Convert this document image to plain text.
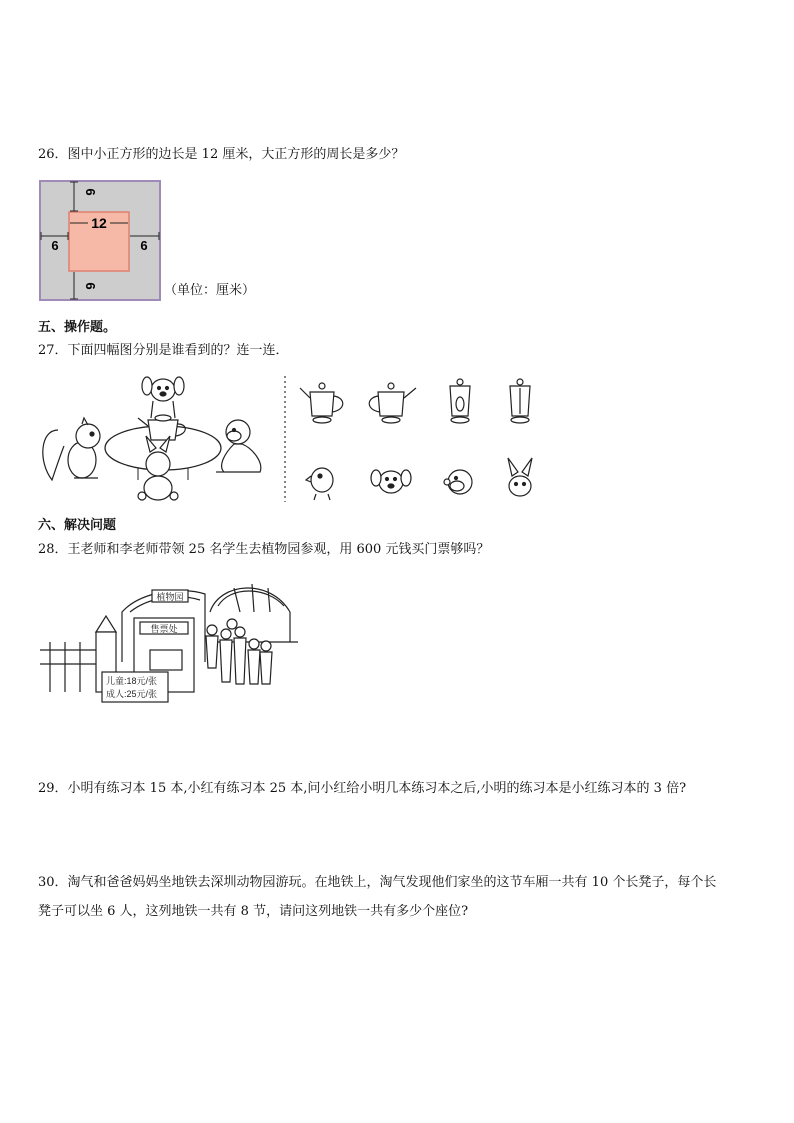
26．图中小正方形的边长是 12 厘米，大正方形的周长是多少？
12
6
6
6	6
（单位：厘米）
五、操作题。
27．下面四幅图分别是谁看到的？连一连．
六、解决问题
28．王老师和李老师带领 25 名学生去植物园参观，用 600 元钱买门票够吗？
植物园
售票处
儿童:18元/张
成人:25元/张
29．小明有练习本 15 本,小红有练习本 25 本,问小红给小明几本练习本之后,小明的练习本是小红练习本的 3 倍?
30．淘气和爸爸妈妈坐地铁去深圳动物园游玩。在地铁上，淘气发现他们家坐的这节车厢一共有 10 个长凳子，每个长
凳子可以坐 6 人，这列地铁一共有 8 节，请问这列地铁一共有多少个座位?
